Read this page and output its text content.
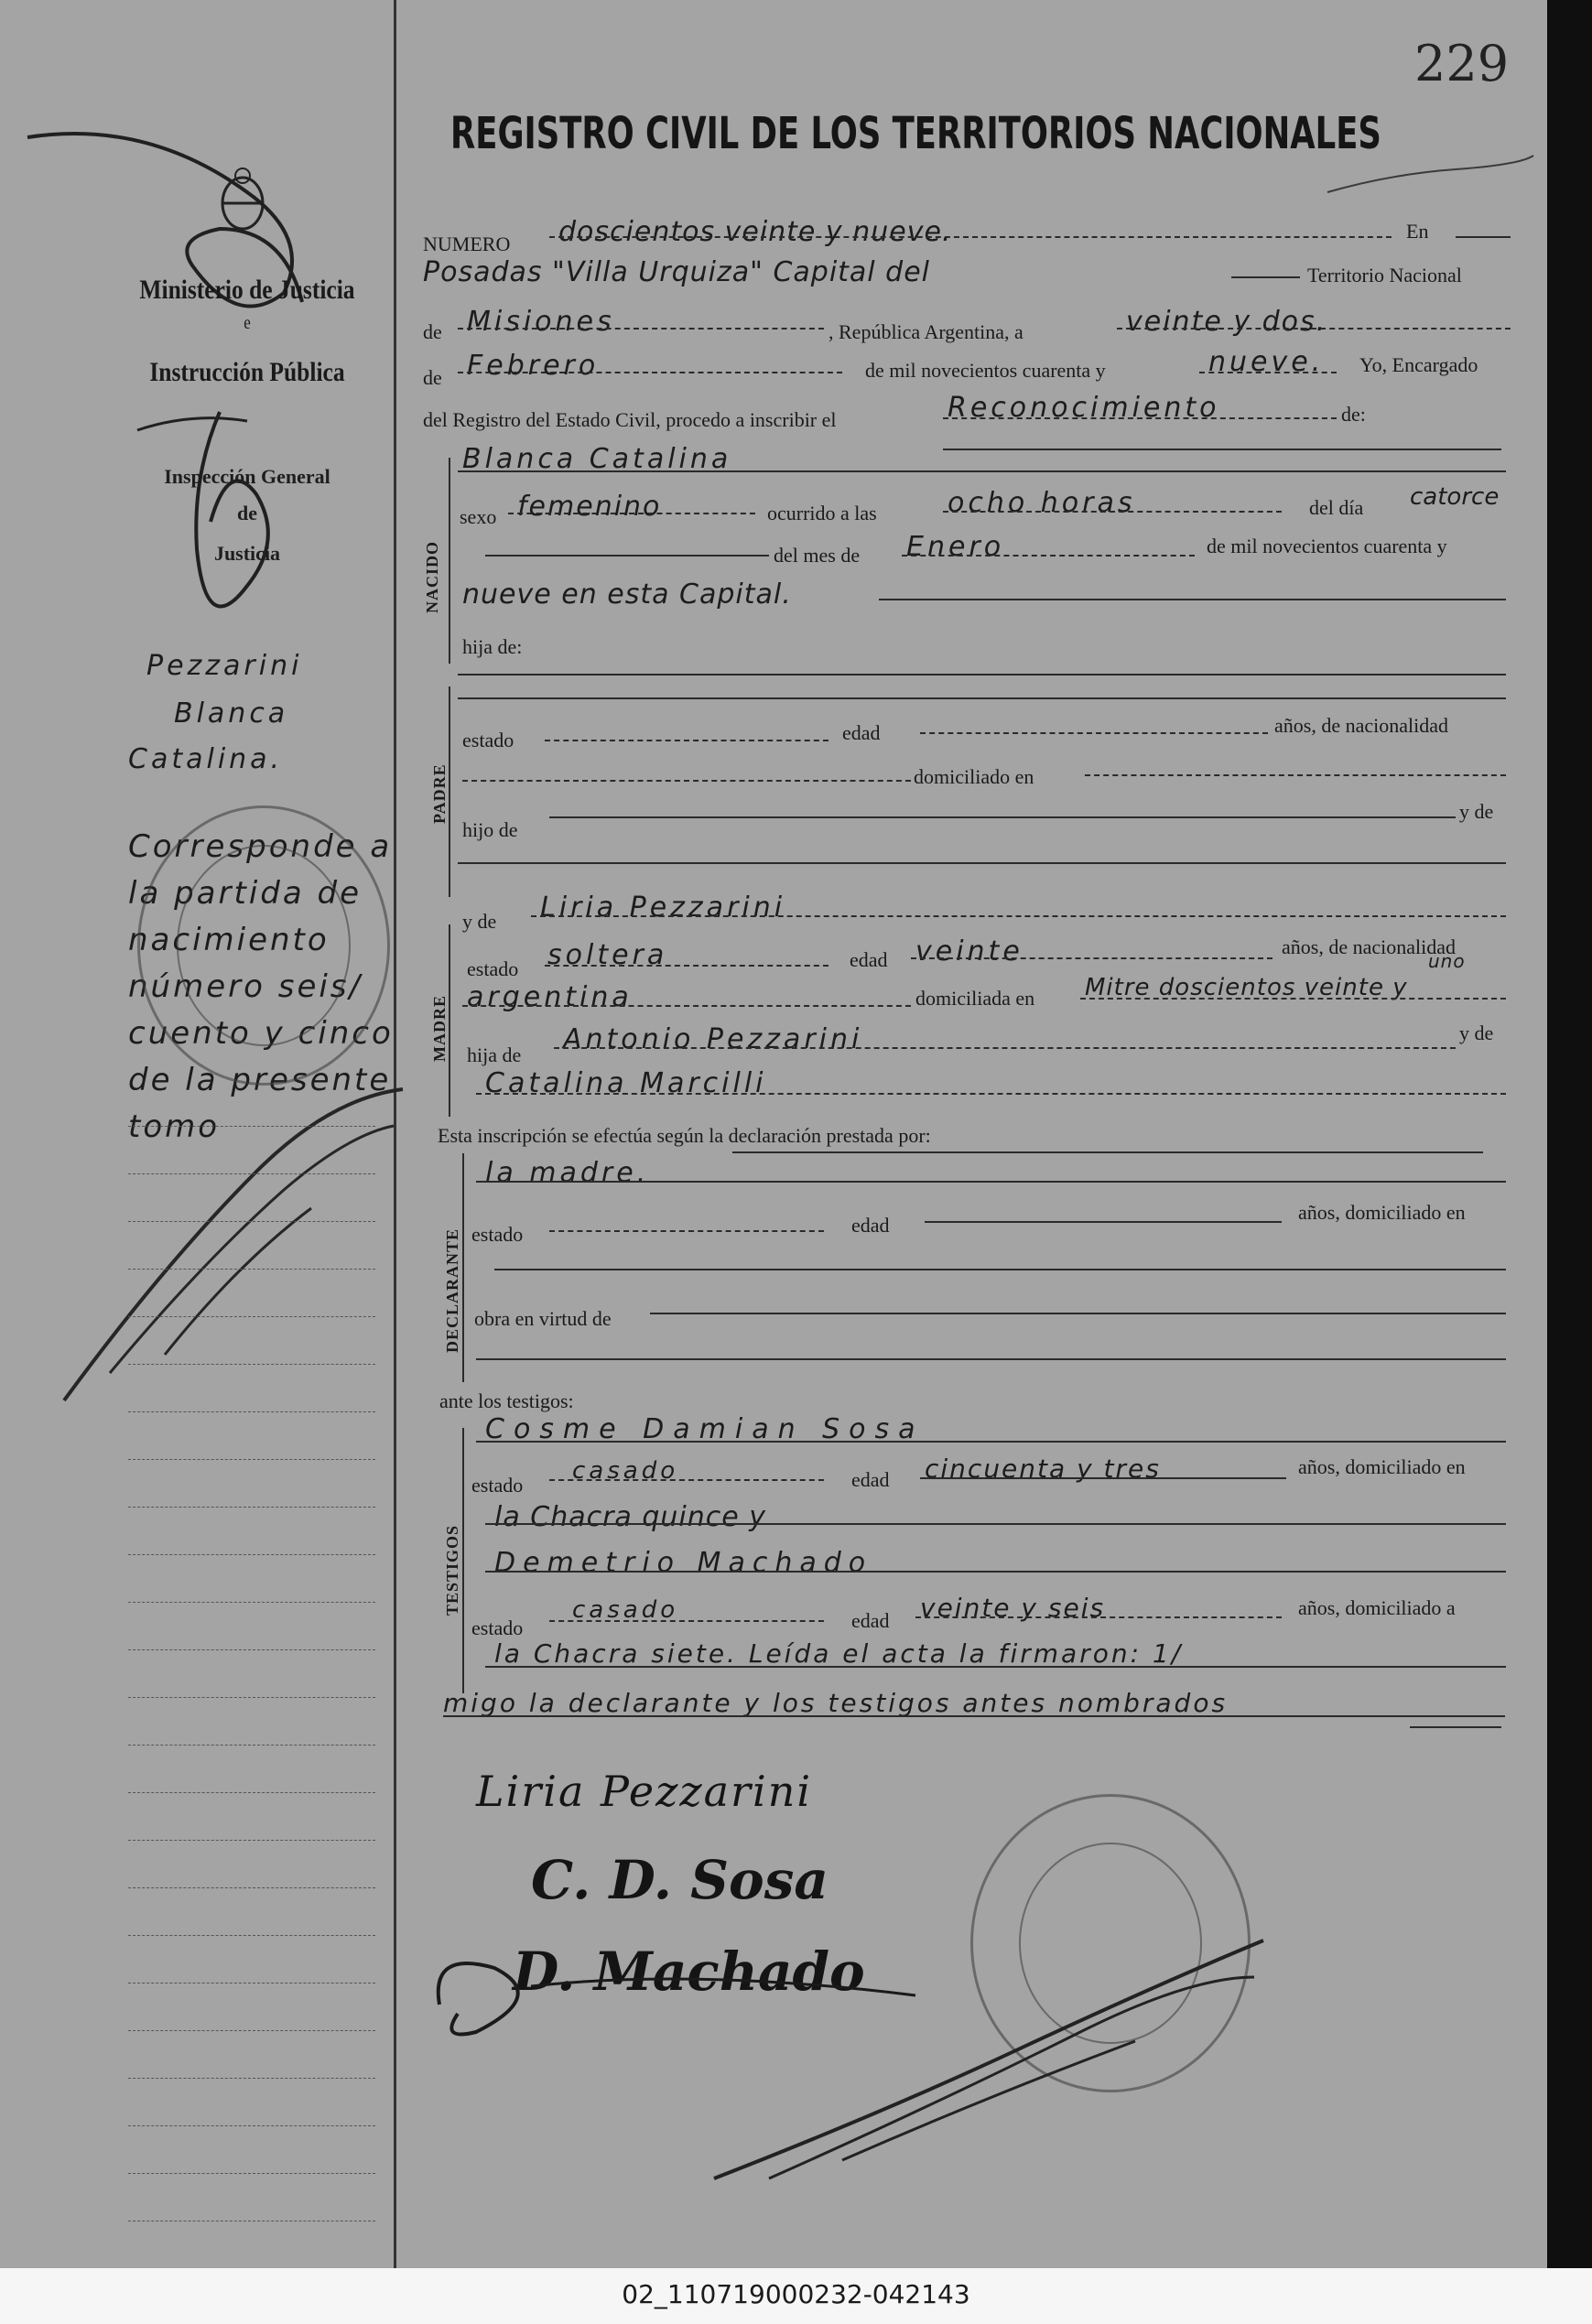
229
REGISTRO CIVIL DE LOS TERRITORIOS NACIONALES
Ministerio de Justicia
e
Instrucción Pública
Inspección General
de
Justicia
Pezzarini
Blanca
Catalina.
Corresponde a
la partida de
nacimiento
número seis/
cuento y cinco
de la presente
tomo
NUMERO doscientos veinte y nueve.	En
Posadas "Villa Urquiza" Capital del	Territorio Nacional
de Misiones	, República Argentina, a	veinte y dos.
de Febrero	de mil novecientos cuarenta y	nueve. Yo, Encargado
del Registro del Estado Civil, procedo a inscribir el	Reconocimiento	de:
NACIDO
Blanca Catalina
sexo femenino	ocurrido a las	ocho horas	del día catorce
del mes de Enero	de mil novecientos cuarenta y
nueve en esta Capital.
hija de:
PADRE
estado	edad	años, de nacionalidad
domiciliado en
hijo de
y de
y de Liria Pezzarini
MADRE
estado soltera	edad veinte	años, de nacionalidad
argentina	domiciliada en Mitre doscientos veinte y
uno
hija de Antonio Pezzarini	y de
Catalina Marcilli
Esta inscripción se efectúa según la declaración prestada por:
DECLARANTE
la madre.
estado	edad
años, domiciliado en
obra en virtud de
ante los testigos:
TESTIGOS
Cosme Damian Sosa
estado
casado	edad cincuenta y tres	años, domiciliado en
la Chacra quince y
Demetrio Machado
estado
casado	edad veinte y seis	años, domiciliado a
la Chacra siete. Leída el acta la firmaron: 1/
migo la declarante y los testigos antes nombrados
Liria Pezzarini
C. D. Sosa
D. Machado
02_110719000232-042143
